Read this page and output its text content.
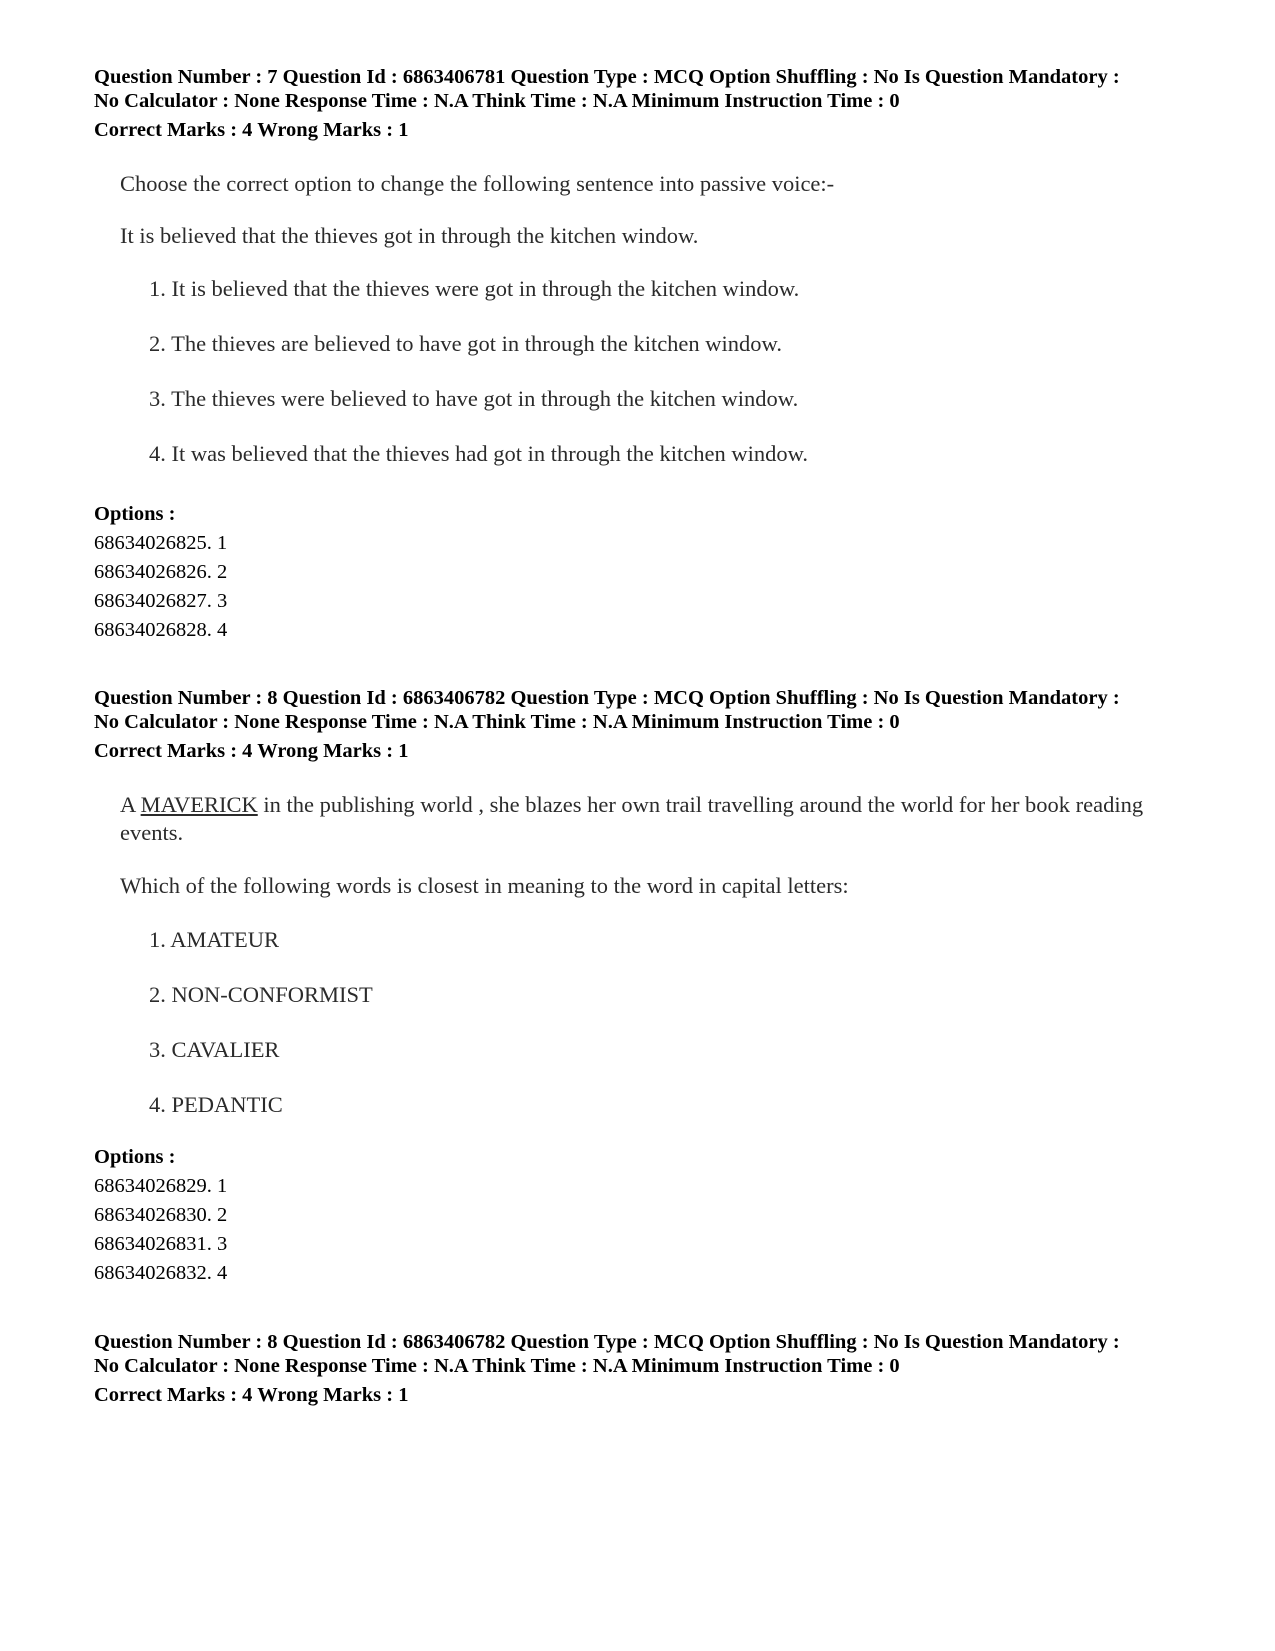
Question Number : 7 Question Id : 6863406781 Question Type : MCQ Option Shuffling : No Is Question Mandatory :
No Calculator : None Response Time : N.A Think Time : N.A Minimum Instruction Time : 0
Correct Marks : 4 Wrong Marks : 1
Choose the correct option to change the following sentence into passive voice:-
It is believed that the thieves got in through the kitchen window.
1. It is believed that the thieves were got in through the kitchen window.
2. The thieves are believed to have got in through the kitchen window.
3. The thieves were believed to have got in through the kitchen window.
4. It was believed that the thieves had got in through the kitchen window.
Options :
68634026825. 1
68634026826. 2
68634026827. 3
68634026828. 4
Question Number : 8 Question Id : 6863406782 Question Type : MCQ Option Shuffling : No Is Question Mandatory :
No Calculator : None Response Time : N.A Think Time : N.A Minimum Instruction Time : 0
Correct Marks : 4 Wrong Marks : 1
A MAVERICK in the publishing world , she blazes her own trail travelling around the world for her book reading events.
Which of the following words is closest in meaning to the word in capital letters:
1. AMATEUR
2. NON-CONFORMIST
3. CAVALIER
4. PEDANTIC
Options :
68634026829. 1
68634026830. 2
68634026831. 3
68634026832. 4
Question Number : 8 Question Id : 6863406782 Question Type : MCQ Option Shuffling : No Is Question Mandatory :
No Calculator : None Response Time : N.A Think Time : N.A Minimum Instruction Time : 0
Correct Marks : 4 Wrong Marks : 1
